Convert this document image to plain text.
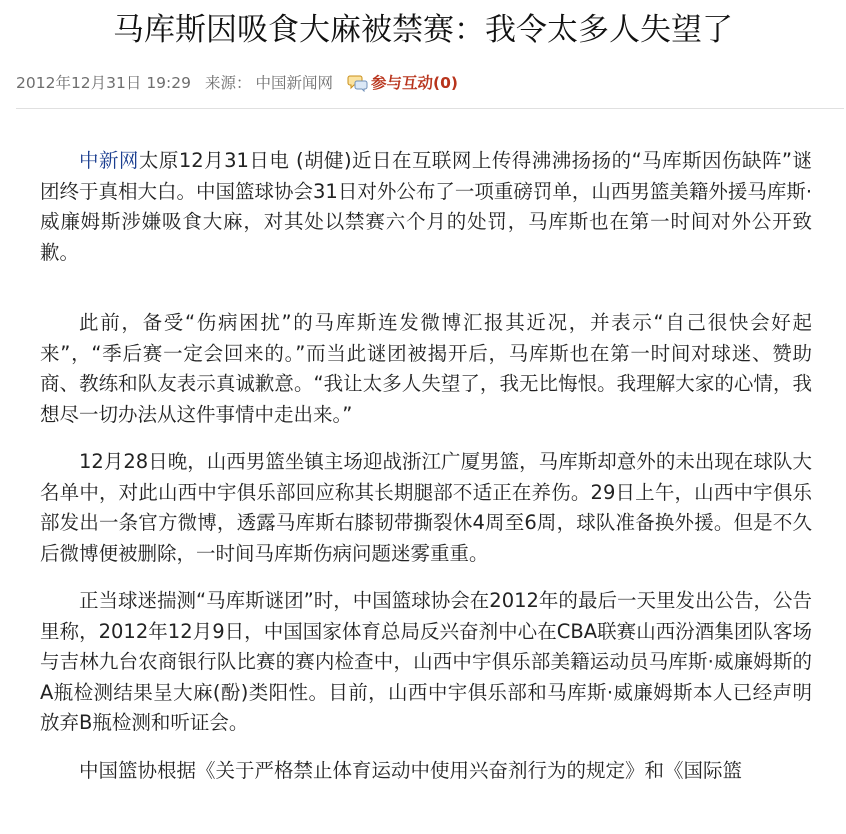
马库斯因吸食大麻被禁赛：我令太多人失望了
2012年12月31日 19:29 来源： 中国新闻网 参与互动 (0)

中新网太原12月31日电 (胡健)近日在互联网上传得沸沸扬扬的“马库斯因伤缺阵”谜团终于真相大白。中国篮球协会31日对外公布了一项重磅罚单，山西男篮美籍外援马库斯·威廉姆斯涉嫌吸食大麻，对其处以禁赛六个月的处罚，马库斯也在第一时间对外公开致歉。

此前，备受“伤病困扰”的马库斯连发微博汇报其近况，并表示“自己很快会好起来”，“季后赛一定会回来的。”而当此谜团被揭开后，马库斯也在第一时间对球迷、赞助商、教练和队友表示真诚歉意。“我让太多人失望了，我无比悔恨。我理解大家的心情，我想尽一切办法从这件事情中走出来。”

12月28日晚，山西男篮坐镇主场迎战浙江广厦男篮，马库斯却意外的未出现在球队大名单中，对此山西中宇俱乐部回应称其长期腿部不适正在养伤。29日上午，山西中宇俱乐部发出一条官方微博，透露马库斯右膝韧带撕裂休4周至6周，球队准备换外援。但是不久后微博便被删除，一时间马库斯伤病问题迷雾重重。

正当球迷揣测“马库斯谜团”时，中国篮球协会在2012年的最后一天里发出公告，公告里称，2012年12月9日，中国国家体育总局反兴奋剂中心在CBA联赛山西汾酒集团队客场与吉林九台农商银行队比赛的赛内检查中，山西中宇俱乐部美籍运动员马库斯·威廉姆斯的A瓶检测结果呈大麻(酚)类阳性。目前，山西中宇俱乐部和马库斯·威廉姆斯本人已经声明放弃B瓶检测和听证会。

中国篮协根据《关于严格禁止体育运动中使用兴奋剂行为的规定》和《国际篮
